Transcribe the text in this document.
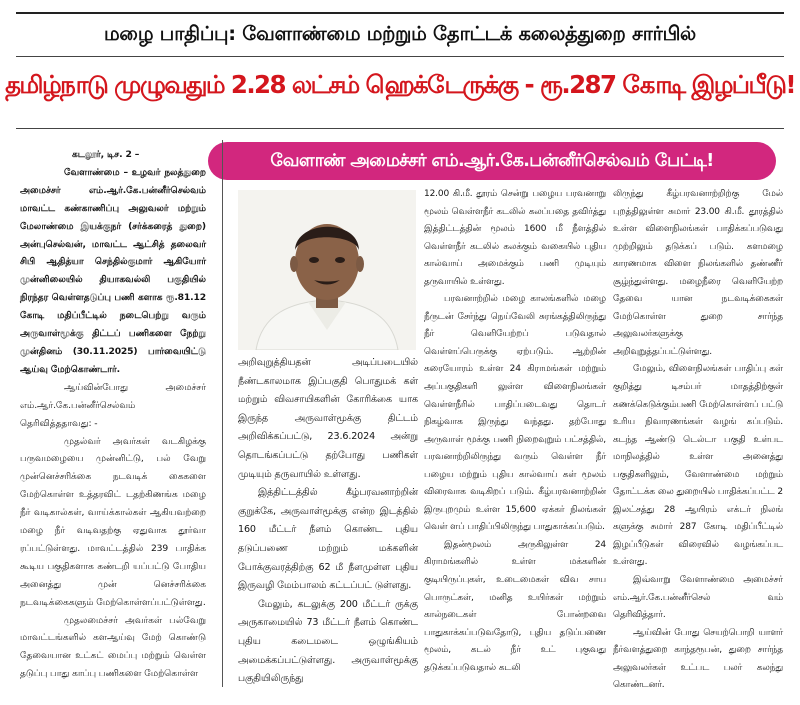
மழை பாதிப்பு: வேளாண்மை மற்றும் தோட்டக் கலைத்துறை சார்பில்
தமிழ்நாடு முழுவதும் 2.28 லட்சம் ஹெக்டேருக்கு - ரூ.287 கோடி இழப்பீடு!
வேளாண் அமைச்சர் எம்.ஆர்.கே.பன்னீர்செல்வம் பேட்டி!

கடலூர், டிச. 2 –

வேளாண்மை – உழவர் நலத்துறை அமைச்சர் எம்.ஆர்.கே.பன்னீர்செல்வம் மாவட்ட கண்காணிப்பு அலுவலர் மற்றும் மேலாண்மை இயக்குநர் (சர்க்கரைத் துறை) அன்புசெல்வன், மாவட்ட ஆட்சித் தலைவர் சிபி ஆதித்யா செந்தில்குமார் ஆகியோர் முன்னிலையில் தியாகவல்லி பகுதியில் நிரந்தர வெள்ளதடுப்பு பணி களாக ரூ.81.12 கோடி மதிப்பீட்டில் நடைபெற்று வரும் அருவாள்மூக்கு திட்டப் பணிகளை நேற்று முன்தினம் (30.11.2025) பார்வையிட்டு ஆய்வு மேற்கொண்டார்.

ஆய்வின்போது அமைச்சர் எம்.ஆர்.கே.பன்னீர்செல்வம் தெரிவித்ததாவது: -

முதல்வர் அவர்கள் வடகிழக்கு பருவமழையை முன்னிட்டு, பல் வேறு முன்னெச்சரிக்கை நடவடிக் கைகளை மேற்கொள்ள உத்தரவிட் டதற்கிணங்க மழை நீர் வடிகால்கள், வாய்க்கால்கள் ஆகியவற்றை மழை நீர் வடிவதற்கு ஏதுவாக தூர்வா ரப்பட்டுள்ளது. மாவட்டத்தில் 239 பாதிக்க கூடிய பகுதிகளாக கண்டறி யப்பட்டு போதிய அனைத்து முன் னெச்சரிக்கை நடவடிக்கைகளும் மேற்கொள்ளப்பட்டுள்ளது.

முதலமைச்சர் அவர்கள் பல்வேறு மாவட்டங்களில் களஆய்வு மேற் கொண்டு தேவையான உட்கட் மைப்பு மற்றும் வெள்ள தடுப்பு பாது காப்பு பணிகளை மேற்கொள்ள

அறிவுறுத்தியதன் அடிப்படையில் நீண்டகாலமாக இப்பகுதி பொதுமக் கள் மற்றும் விவசாயிகளின் கோரிக்கை யாக இருந்த அருவாள்மூக்கு திட்டம் அறிவிக்கப்பட்டு, 23.6.2024 அன்று தொடங்கப்பட்டு தற்போது பணிகள் முடியும் தருவாயில் உள்ளது.

இத்திட்டத்தில் கீழ்பரவனாற்றின் குறுக்கே, அருவாள்மூக்கு என்ற இடத்தில் 160 மீட்டர் நீளம் கொண்ட புதிய தடுப்பணை மற்றும் மக்களின் போக்குவரத்திற்கு 62 மீ நீளமுள்ள புதிய இருவழி மேம்பாலம் கட்டப்பட் டுள்ளது.

மேலும், கடலுக்கு 200 மீட்டர் ருக்கு அருகாமையில் 73 மீட்டர் நீளம் கொண்ட புதிய கடைமடை ஒழுங்கியம் அமைக்கப்பட்டுள்ளது. அருவாள்மூக்கு பகுதியிலிருந்து

12.00 கி.மீ. தூரம் சென்று பழைய பரவனாறு மூலம் வெள்ளநீர் கடலில் கலப்பதை தவிர்த்து இத்திட்டத்தின் மூலம் 1600 மீ நீளத்தில் வெள்ளநீர் கடலில் கலக்கும் வகையில் புதிய கால்வாய் அமைக்கும் பணி முடியும் தருவாயில் உள்ளது.

பரவனாற்றில் மழை காலங்களில் மழை நீருடன் சேர்ந்து நெய்வேலி சுரங்கத்திலிருந்து நீர் வெளியேற்றப் படுவதால் வெள்ளப்பெருக்கு ஏற்படும். ஆற்றின் கரையோரம் உள்ள 24 கிராமங்கள் மற்றும் அப்பகுதிகளி லுள்ள விளைநிலங்கள் வெள்ளநீரில் பாதிப்படைவது தொடர் நிகழ்வாக இருந்து வந்தது. தற்போது அருவாள் மூக்கு பணி நிறைவுறும் பட்சத்தில், பரவனாற்றிலிருந்து வரும் வெள்ள நீர் பழைய மற்றும் புதிய கால்வாய் கள் மூலம் விரைவாக வடிகிறப் படும். கீழ்பரவனாற்றின் இருபுறமும் உள்ள 15,600 ஏக்கர் நிலங்கள் வெள் ளப் பாதிப்பிலிருந்து பாதுகாக்கப்படும்.

இதன்மூலம் அருகிலுள்ள 24 கிராமங்களில் உள்ள மக்களின் குடியிருப்புகள், உடைமைகள் விவ சாய பொருட்கள், மனித உயிர்கள் மற்றும் கால்நடைகள் போன்றவை பாதுகாக்கப்படுவதோடு, புதிய தடுப்பணை மூலம், கடல் நீர் உட் புகுவது தடுக்கப்படுவதால் கடலி

லிருந்து கீழ்பரவனாற்றிற்கு மேல் புறத்திலுள்ள சுமார் 23.00 கி.மீ. தூரத்தில் உள்ள விளைநிலங்கள் பாதிக்கப்படுவது முற்றிலும் தடுக்கப் படும். களமழை காரணமாக விளை நிலங்களில் தண்ணீர் சூழ்ந்துள்ளது. மழைநீரை வெளியேற்ற தேவை யான நடவடிக்கைகள் மேற்கொள்ள துறை சார்ந்த அலுவலர்களுக்கு அறிவுறுத்தப்பட்டுள்ளது.

மேலும், விளைநிலங்கள் பாதிப்பு கள் குறித்து டிசம்பர் மாதத்திற்குள் கணக்கெடுக்கும்பணி மேற்கொள்ளப் பட்டு உரிய நிவாரணங்கள் வழங் கப்படும். கடந்த ஆண்டு டெல்டா பகுதி உள்பட மாநிலத்தில் உள்ள அனைத்து பகுதிகளிலும், வேளாண்மை மற்றும் தோட்டக்க லை துறையில் பாதிக்கப்பட்ட 2 இலட்சத்து 28 ஆயிரம் எக்டர் நிலங் களுக்கு சுமார் 287 கோடி மதிப்பீட்டில் இழப்பீடுகள் விரைவில் வழங்கப்பட உள்ளது.

இவ்வாறு வேளாண்மை அமைச்சர் எம்.ஆர்.கே.பன்னீர்செல் வம் தெரிவித்தார்.

ஆய்வின் போது செயற்பொறி யாளர் நீர்வளத்துறை காந்தரூபன், துறை சார்ந்த அலுவலர்கள் உட்பட பலர் கலந்து கொண்டனர்.
